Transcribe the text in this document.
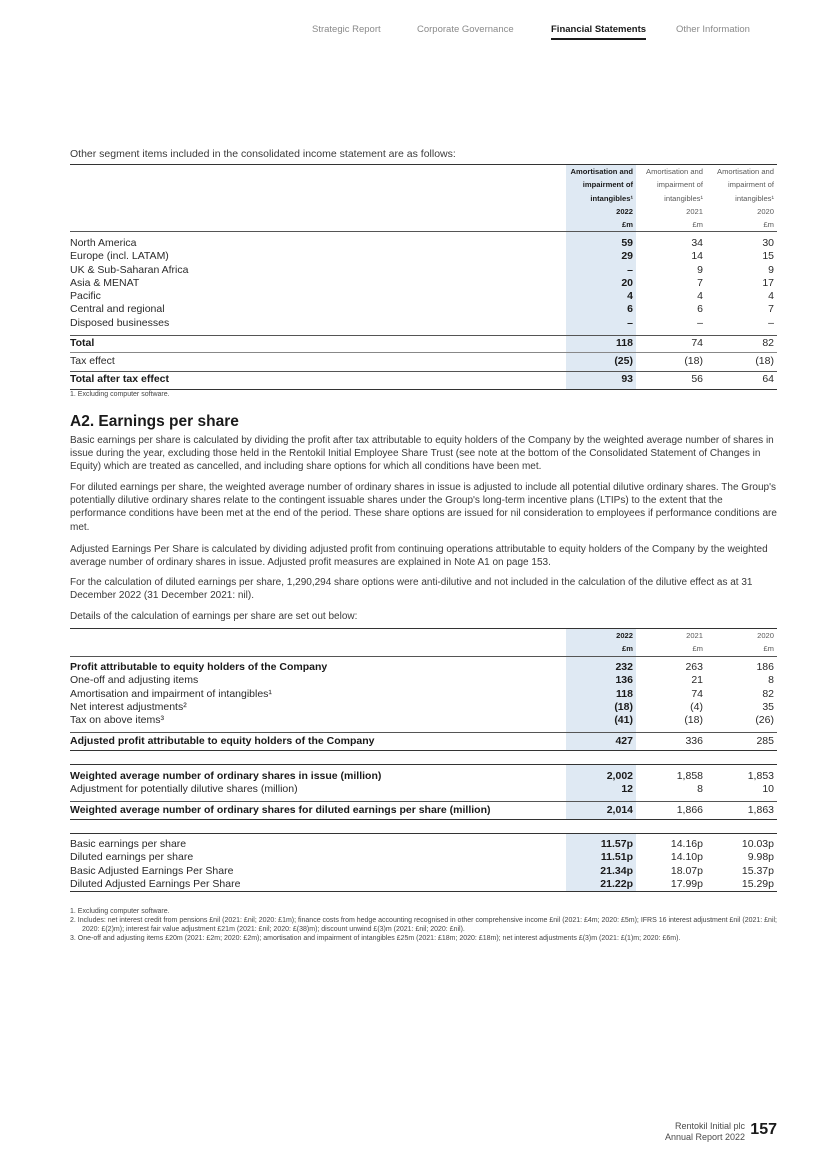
Strategic Report	Corporate Governance	Financial Statements	Other Information
Other segment items included in the consolidated income statement are as follows:
	Amortisation and
impairment of
intangibles¹
2022
£m	Amortisation and
impairment of
intangibles¹
2021
£m	Amortisation and
impairment of
intangibles¹
2020
£m

North America	59	34	30
Europe (incl. LATAM)	29	14	15
UK & Sub-Saharan Africa	–	9	9
Asia & MENAT	20	7	17
Pacific	4	4	4
Central and regional	6	6	7
Disposed businesses	–	–	–

Total	118	74	82
Tax effect	(25)	(18)	(18)
Total after tax effect	93	56	64
1. Excluding computer software.
A2. Earnings per share
Basic earnings per share is calculated by dividing the profit after tax attributable to equity holders of the Company by the weighted average number of shares in issue during the year, excluding those held in the Rentokil Initial Employee Share Trust (see note at the bottom of the Consolidated Statement of Changes in Equity) which are treated as cancelled, and including share options for which all conditions have been met.
For diluted earnings per share, the weighted average number of ordinary shares in issue is adjusted to include all potential dilutive ordinary shares. The Group's potentially dilutive ordinary shares relate to the contingent issuable shares under the Group's long-term incentive plans (LTIPs) to the extent that the performance conditions have been met at the end of the period. These share options are issued for nil consideration to employees if performance conditions are met.
Adjusted Earnings Per Share is calculated by dividing adjusted profit from continuing operations attributable to equity holders of the Company by the weighted average number of ordinary shares in issue. Adjusted profit measures are explained in Note A1 on page 153.
For the calculation of diluted earnings per share, 1,290,294 share options were anti-dilutive and not included in the calculation of the dilutive effect as at 31 December 2022 (31 December 2021: nil).
Details of the calculation of earnings per share are set out below:
	2022
£m	2021
£m	2020
£m

Profit attributable to equity holders of the Company	232	263	186
One-off and adjusting items	136	21	8
Amortisation and impairment of intangibles¹	118	74	82
Net interest adjustments²	(18)	(4)	35
Tax on above items³	(41)	(18)	(26)

Adjusted profit attributable to equity holders of the Company	427	336	285

Weighted average number of ordinary shares in issue (million)	2,002	1,858	1,853
Adjustment for potentially dilutive shares (million)	12	8	10

Weighted average number of ordinary shares for diluted earnings per share (million)	2,014	1,866	1,863

Basic earnings per share	11.57p	14.16p	10.03p
Diluted earnings per share	11.51p	14.10p	9.98p
Basic Adjusted Earnings Per Share	21.34p	18.07p	15.37p
Diluted Adjusted Earnings Per Share	21.22p	17.99p	15.29p
1. Excluding computer software.
2. Includes: net interest credit from pensions £nil (2021: £nil; 2020: £1m); finance costs from hedge accounting recognised in other comprehensive income £nil (2021: £4m; 2020: £5m); IFRS 16 interest adjustment £nil (2021: £nil; 2020: £(2)m); interest fair value adjustment £21m (2021: £nil; 2020: £(38)m); discount unwind £(3)m (2021: £nil; 2020: £nil).
3. One-off and adjusting items £20m (2021: £2m; 2020: £2m); amortisation and impairment of intangibles £25m (2021: £18m; 2020: £18m); net interest adjustments £(3)m (2021: £(1)m; 2020: £6m).
Rentokil Initial plc
Annual Report 2022 157
